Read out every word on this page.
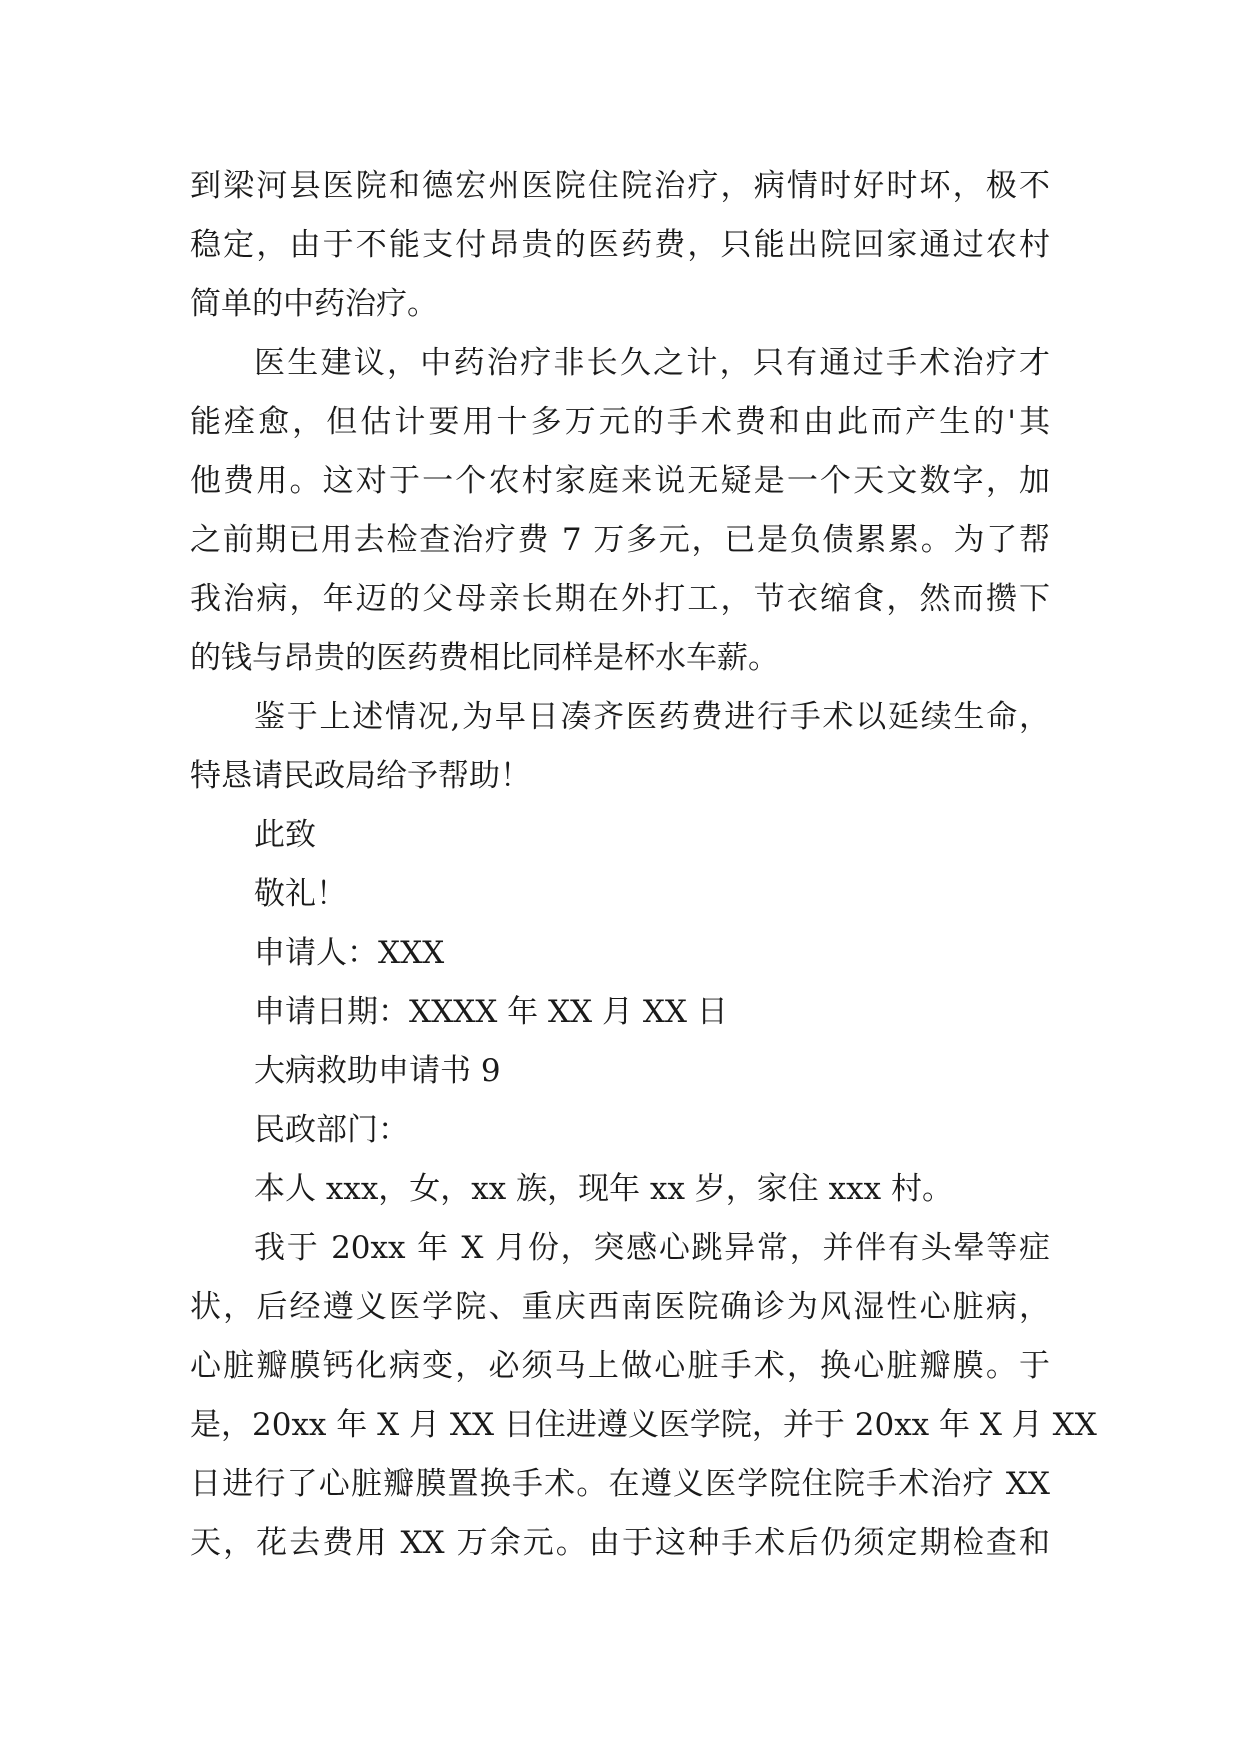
到梁河县医院和德宏州医院住院治疗，病情时好时坏，极不
稳定，由于不能支付昂贵的医药费，只能出院回家通过农村
简单的中药治疗。
医生建议，中药治疗非长久之计，只有通过手术治疗才
能痊愈，但估计要用十多万元的手术费和由此而产生的'其
他费用。这对于一个农村家庭来说无疑是一个天文数字，加
之前期已用去检查治疗费 7 万多元，已是负债累累。为了帮
我治病，年迈的父母亲长期在外打工，节衣缩食，然而攒下
的钱与昂贵的医药费相比同样是杯水车薪。
鉴于上述情况,为早日凑齐医药费进行手术以延续生命，
特恳请民政局给予帮助！
此致
敬礼！
申请人：XXX
申请日期：XXXX 年 XX 月 XX 日
大病救助申请书 9
民政部门：
本人 xxx，女，xx 族，现年 xx 岁，家住 xxx 村。
我于 20xx 年 X 月份，突感心跳异常，并伴有头晕等症
状，后经遵义医学院、重庆西南医院确诊为风湿性心脏病，
心脏瓣膜钙化病变，必须马上做心脏手术，换心脏瓣膜。于
是，20xx 年 X 月 XX 日住进遵义医学院，并于 20xx 年 X 月 XX
日进行了心脏瓣膜置换手术。在遵义医学院住院手术治疗 XX
天，花去费用 XX 万余元。由于这种手术后仍须定期检查和
